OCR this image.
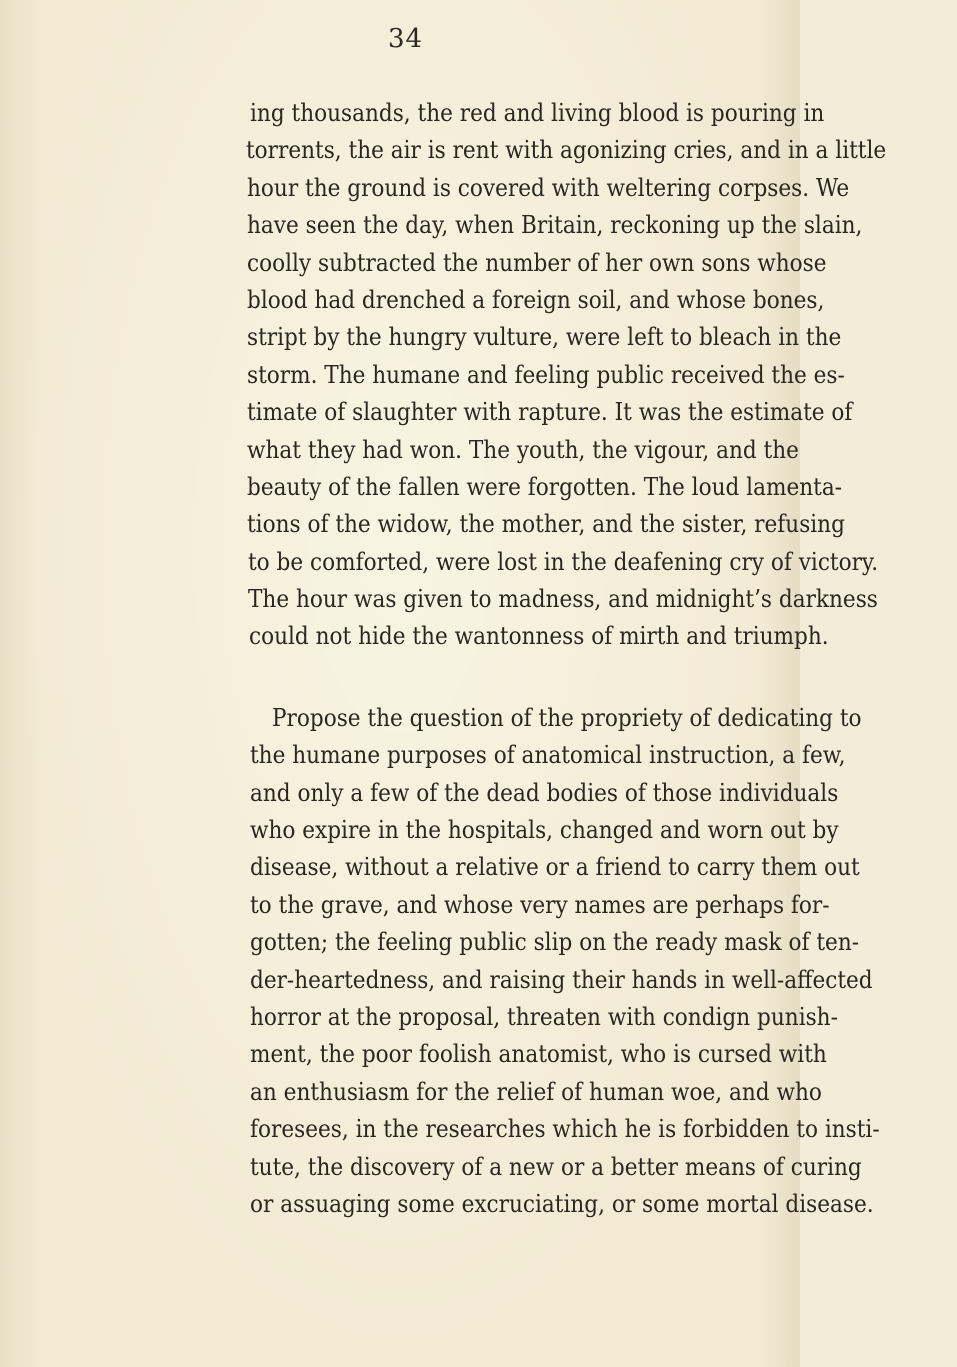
34
ing thousands, the red and living blood is pouring in
torrents, the air is rent with agonizing cries, and in a little
hour the ground is covered with weltering corpses. We
have seen the day, when Britain, reckoning up the slain,
coolly subtracted the number of her own sons whose
blood had drenched a foreign soil, and whose bones,
stript by the hungry vulture, were left to bleach in the
storm. The humane and feeling public received the es-
timate of slaughter with rapture. It was the estimate of
what they had won. The youth, the vigour, and the
beauty of the fallen were forgotten. The loud lamenta-
tions of the widow, the mother, and the sister, refusing
to be comforted, were lost in the deafening cry of victory.
The hour was given to madness, and midnight’s darkness
could not hide the wantonness of mirth and triumph.
Propose the question of the propriety of dedicating to
the humane purposes of anatomical instruction, a few,
and only a few of the dead bodies of those individuals
who expire in the hospitals, changed and worn out by
disease, without a relative or a friend to carry them out
to the grave, and whose very names are perhaps for-
gotten; the feeling public slip on the ready mask of ten-
der-heartedness, and raising their hands in well-affected
horror at the proposal, threaten with condign punish-
ment, the poor foolish anatomist, who is cursed with
an enthusiasm for the relief of human woe, and who
foresees, in the researches which he is forbidden to insti-
tute, the discovery of a new or a better means of curing
or assuaging some excruciating, or some mortal disease.
